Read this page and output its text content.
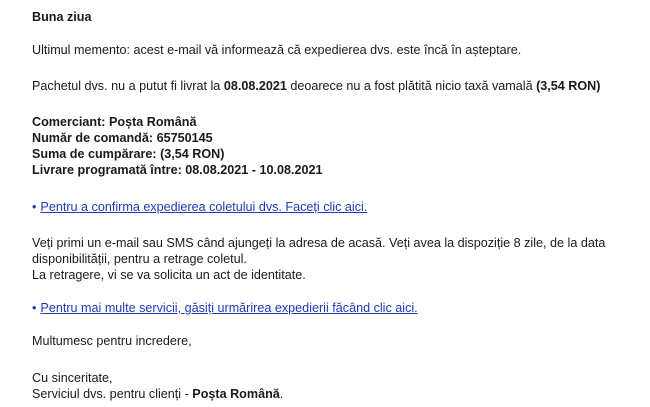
Buna ziua

Ultimul memento: acest e-mail vă informează că expedierea dvs. este încă în așteptare.

Pachetul dvs. nu a putut fi livrat la 08.08.2021 deoarece nu a fost plătită nicio taxă vamală (3,54 RON)

Comerciant: Poșta Română
Număr de comandă: 65750145
Suma de cumpărare: (3,54 RON)
Livrare programată între: 08.08.2021 - 10.08.2021

• Pentru a confirma expedierea coletului dvs. Faceți clic aici.

Veți primi un e-mail sau SMS când ajungeți la adresa de acasă. Veți avea la dispoziție 8 zile, de la data disponibilității, pentru a retrage coletul.

La retragere, vi se va solicita un act de identitate.

• Pentru mai multe servicii, găsiți urmărirea expedierii făcând clic aici.

Multumesc pentru incredere,

Cu sinceritate,

Serviciul dvs. pentru clienți - Poșta Română.
